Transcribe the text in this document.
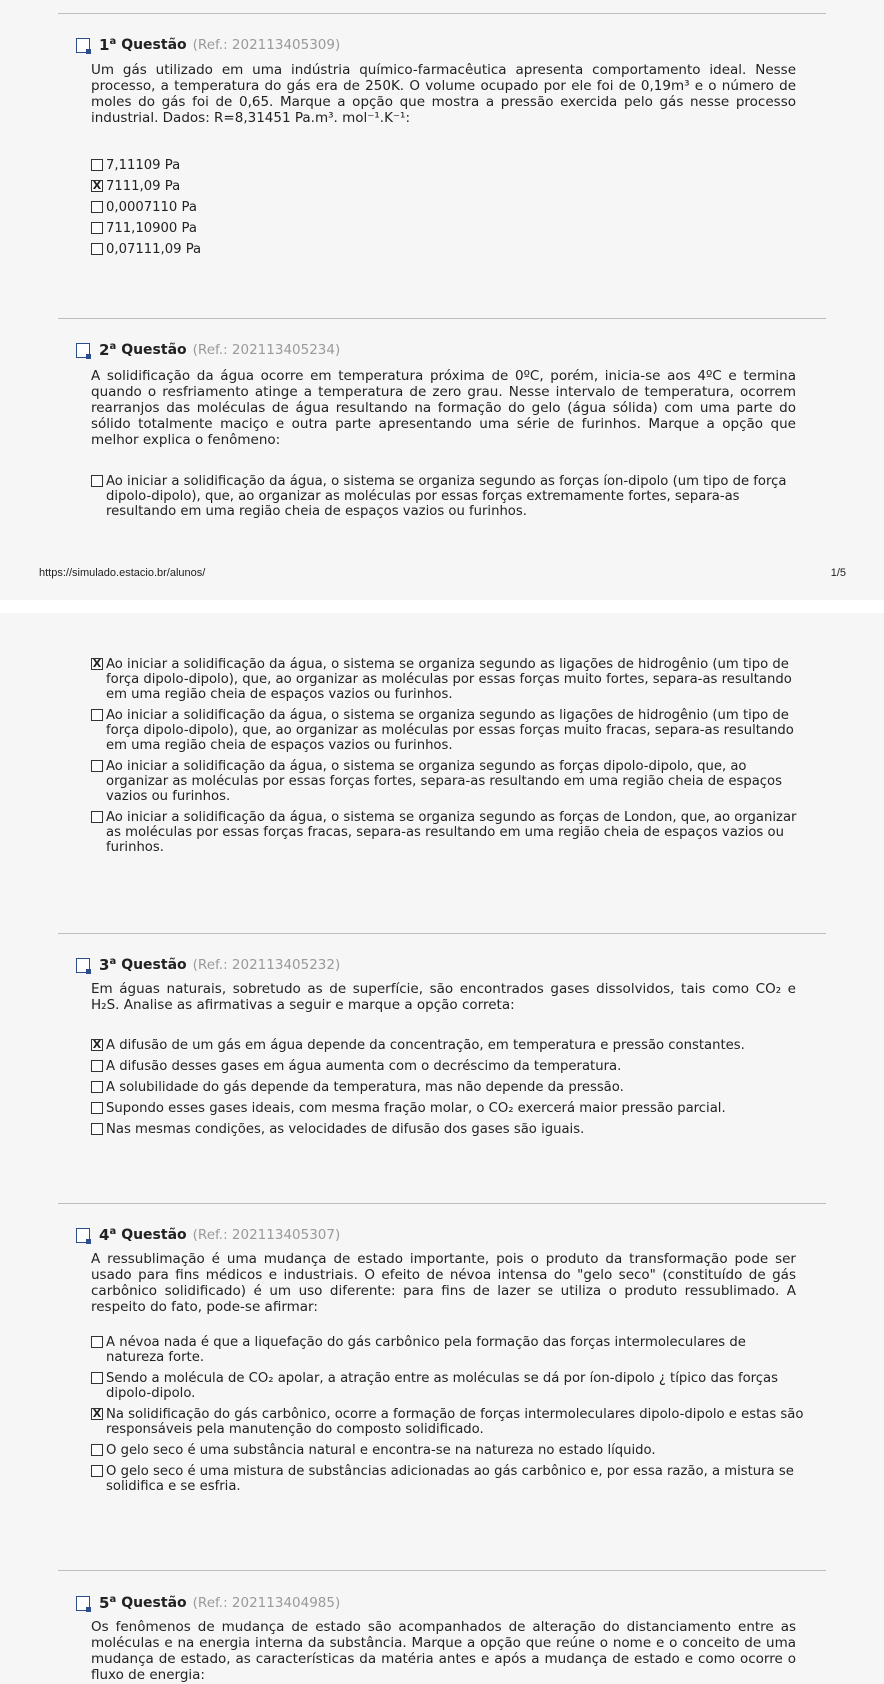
1$^a$ Questão (Ref.: 202113405309)
Um gás utilizado em uma indústria químico-farmacêutica apresenta comportamento ideal. Nesse processo, a temperatura do gás era de 250K. O volume ocupado por ele foi de 0,19m³ e o número de moles do gás foi de 0,65. Marque a opção que mostra a pressão exercida pelo gás nesse processo industrial. Dados: R=8,31451 Pa.m³. mol⁻¹.K⁻¹:
7,11109 Pa
X 7111,09 Pa
0,0007110 Pa
711,10900 Pa
0,07111,09 Pa
2$^a$ Questão (Ref.: 202113405234)
A solidificação da água ocorre em temperatura próxima de 0ºC, porém, inicia-se aos 4ºC e termina quando o resfriamento atinge a temperatura de zero grau. Nesse intervalo de temperatura, ocorrem rearranjos das moléculas de água resultando na formação do gelo (água sólida) com uma parte do sólido totalmente maciço e outra parte apresentando uma série de furinhos. Marque a opção que melhor explica o fenômeno:
Ao iniciar a solidificação da água, o sistema se organiza segundo as forças íon-dipolo (um tipo de força dipolo-dipolo), que, ao organizar as moléculas por essas forças extremamente fortes, separa-as resultando em uma região cheia de espaços vazios ou furinhos.
https://simulado.estacio.br/alunos/	1/5
X Ao iniciar a solidificação da água, o sistema se organiza segundo as ligações de hidrogênio (um tipo de força dipolo-dipolo), que, ao organizar as moléculas por essas forças muito fortes, separa-as resultando em uma região cheia de espaços vazios ou furinhos.
Ao iniciar a solidificação da água, o sistema se organiza segundo as ligações de hidrogênio (um tipo de força dipolo-dipolo), que, ao organizar as moléculas por essas forças muito fracas, separa-as resultando em uma região cheia de espaços vazios ou furinhos.
Ao iniciar a solidificação da água, o sistema se organiza segundo as forças dipolo-dipolo, que, ao organizar as moléculas por essas forças fortes, separa-as resultando em uma região cheia de espaços vazios ou furinhos.
Ao iniciar a solidificação da água, o sistema se organiza segundo as forças de London, que, ao organizar as moléculas por essas forças fracas, separa-as resultando em uma região cheia de espaços vazios ou furinhos.
3$^a$ Questão (Ref.: 202113405232)
Em águas naturais, sobretudo as de superfície, são encontrados gases dissolvidos, tais como CO₂ e H₂S. Analise as afirmativas a seguir e marque a opção correta:
X A difusão de um gás em água depende da concentração, em temperatura e pressão constantes.
A difusão desses gases em água aumenta com o decréscimo da temperatura.
A solubilidade do gás depende da temperatura, mas não depende da pressão.
Supondo esses gases ideais, com mesma fração molar, o CO₂ exercerá maior pressão parcial.
Nas mesmas condições, as velocidades de difusão dos gases são iguais.
4$^a$ Questão (Ref.: 202113405307)
A ressublimação é uma mudança de estado importante, pois o produto da transformação pode ser usado para fins médicos e industriais. O efeito de névoa intensa do "gelo seco" (constituído de gás carbônico solidificado) é um uso diferente: para fins de lazer se utiliza o produto ressublimado. A respeito do fato, pode-se afirmar:
A névoa nada é que a liquefação do gás carbônico pela formação das forças intermoleculares de natureza forte.
Sendo a molécula de CO₂ apolar, a atração entre as moléculas se dá por íon-dipolo ¿ típico das forças dipolo-dipolo.
X Na solidificação do gás carbônico, ocorre a formação de forças intermoleculares dipolo-dipolo e estas são responsáveis pela manutenção do composto solidificado.
O gelo seco é uma substância natural e encontra-se na natureza no estado líquido.
O gelo seco é uma mistura de substâncias adicionadas ao gás carbônico e, por essa razão, a mistura se solidifica e se esfria.
5$^a$ Questão (Ref.: 202113404985)
Os fenômenos de mudança de estado são acompanhados de alteração do distanciamento entre as moléculas e na energia interna da substância. Marque a opção que reúne o nome e o conceito de uma mudança de estado, as características da matéria antes e após a mudança de estado e como ocorre o fluxo de energia:
